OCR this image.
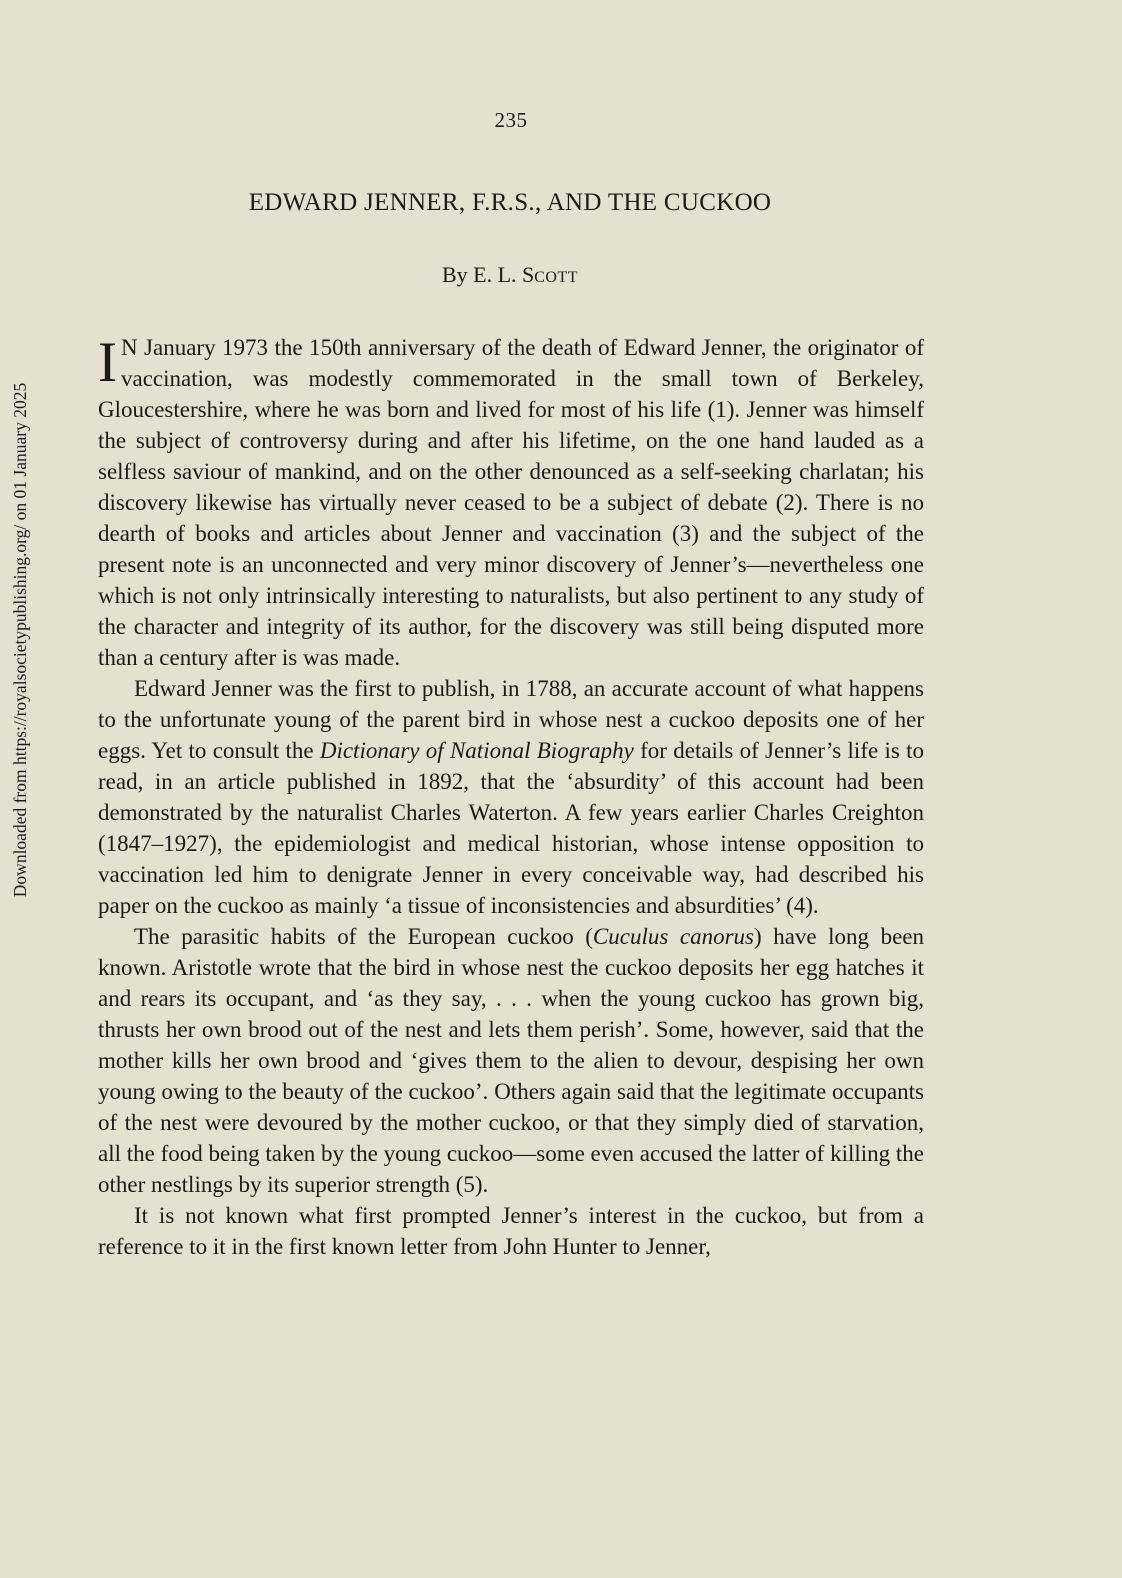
Downloaded from https://royalsocietypublishing.org/ on 01 January 2025
235
EDWARD JENNER, F.R.S., AND THE CUCKOO
By E. L. SCOTT

I N January 1973 the 150th anniversary of the death of Edward Jenner, the originator of vaccination, was modestly commemorated in the small town of Berkeley, Gloucestershire, where he was born and lived for most of his life (1). Jenner was himself the subject of controversy during and after his lifetime, on the one hand lauded as a selfless saviour of mankind, and on the other denounced as a self-seeking charlatan; his discovery likewise has virtually never ceased to be a subject of debate (2). There is no dearth of books and articles about Jenner and vaccination (3) and the subject of the present note is an unconnected and very minor discovery of Jenner’s—nevertheless one which is not only intrinsically interesting to naturalists, but also pertinent to any study of the character and integrity of its author, for the discovery was still being disputed more than a century after is was made.

Edward Jenner was the first to publish, in 1788, an accurate account of what happens to the unfortunate young of the parent bird in whose nest a cuckoo deposits one of her eggs. Yet to consult the Dictionary of National Biography for details of Jenner’s life is to read, in an article published in 1892, that the ‘absurdity’ of this account had been demonstrated by the naturalist Charles Waterton. A few years earlier Charles Creighton (1847–1927), the epidemiologist and medical historian, whose intense opposition to vaccination led him to denigrate Jenner in every conceivable way, had described his paper on the cuckoo as mainly ‘a tissue of inconsistencies and absurdities’ (4).

The parasitic habits of the European cuckoo (Cuculus canorus) have long been known. Aristotle wrote that the bird in whose nest the cuckoo deposits her egg hatches it and rears its occupant, and ‘as they say, . . . when the young cuckoo has grown big, thrusts her own brood out of the nest and lets them perish’. Some, however, said that the mother kills her own brood and ‘gives them to the alien to devour, despising her own young owing to the beauty of the cuckoo’. Others again said that the legitimate occupants of the nest were devoured by the mother cuckoo, or that they simply died of starvation, all the food being taken by the young cuckoo—some even accused the latter of killing the other nestlings by its superior strength (5).

It is not known what first prompted Jenner’s interest in the cuckoo, but from a reference to it in the first known letter from John Hunter to Jenner,
